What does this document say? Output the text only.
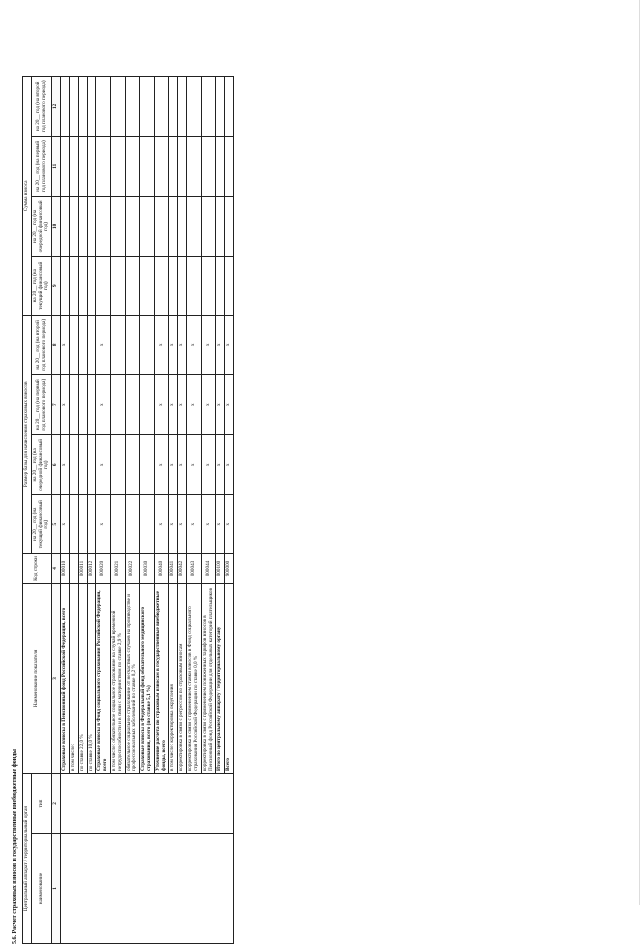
5.6. Расчет страховых взносов в государственные внебюджетные фонды Центральный аппарат / территориальный орган		Наименование показателя	Код строки	Размер базы для начисления страховых взносов				Сумма взноса			
наименование	тип			на 20__ год (на текущий финансовый год)	на 20__ год (на очередной финансовый год)	на 20__ год (на первый год планового периода)	на 20__ год (на второй год планового периода)	на 20__ год (на текущий финансовый год)	на 20__ год (на очередной финансовый год)	на 20__ год (на первый год планового периода)	на 20__ год (на второй год планового периода)

1	2	3	4	5	6	7	8	9	10	11	12
		Страховые взносы в Пенсионный фонд Российской Федерации, всего	000010	x	x	x	x				
		в том числе:									
		по ставке 22,0 %	000011								
		по ставке 10,0 %	000012								
		Страховые взносы в Фонд социального страхования Российской Федерации, всего	000020	x	x	x	x				
		в том числе: обязательное социальное страхование на случай временной нетрудоспособности и в связи с материнством по ставке 2,9 %	000021								
		обязательное социальное страхование от несчастных случаев на производстве и профессиональных заболеваний по ставке 0,2 %	000022								
		Страховые взносы в Федеральный фонд обязательного медицинского страхования, всего (по ставке 5,1 %)	000030								
		Уточнение расчета по страховым взносам в государственные внебюджетные фонды, всего	000040	x	x	x	x				
		в том числе: корректировка округления	000041	x	x	x	x				
		корректировка в связи с регрессом по страховым взносам	000042	x	x	x	x				
		корректировка в связи с применением ставки взносов в Фонд социального страхования Российской Федерации по ставке 0,0 %	000043	x	x	x	x				
		корректировка в связи с применением пониженных тарифов взносов в Пенсионный фонд Российской Федерации для отдельных категорий плательщиков	000044	x	x	x	x				
		Итого по центральному аппарату / территориальному органу	000100	x	x	x	x				
		Всего	900000	x	x	x	x				
